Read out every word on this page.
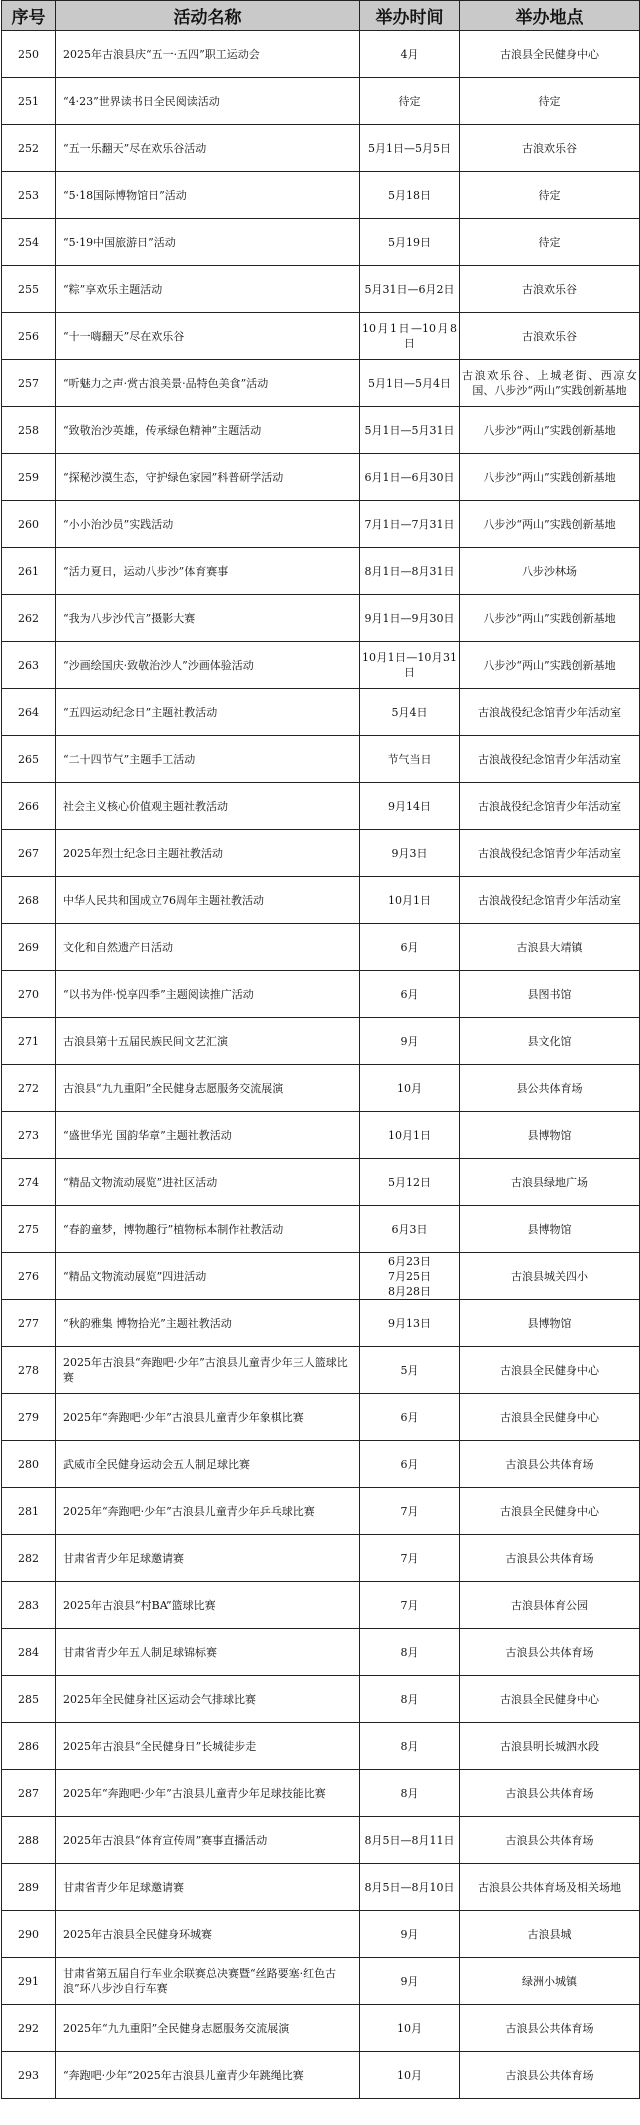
序号	活动名称	举办时间	举办地点
250	2025年古浪县庆“五一·五四”职工运动会	4月	古浪县全民健身中心

251	“4·23”世界读书日全民阅读活动	待定	待定

252	“五一乐翻天”尽在欢乐谷活动	5月1日—5月5日	古浪欢乐谷

253	“5·18国际博物馆日”活动	5月18日	待定

254	“5·19中国旅游日”活动	5月19日	待定

255	“粽”享欢乐主题活动	5月31日—6月2日	古浪欢乐谷

256	“十一嗨翻天”尽在欢乐谷	10月1日—10月8日	古浪欢乐谷

257	“听魅力之声·赏古浪美景·品特色美食”活动	5月1日—5月4日	古浪欢乐谷、上城老街、西凉女国、八步沙“两山”实践创新基地

258	“致敬治沙英雄，传承绿色精神”主题活动	5月1日—5月31日	八步沙“两山”实践创新基地

259	“探秘沙漠生态，守护绿色家园”科普研学活动	6月1日—6月30日	八步沙“两山”实践创新基地

260	“小小治沙员”实践活动	7月1日—7月31日	八步沙“两山”实践创新基地

261	“活力夏日，运动八步沙”体育赛事	8月1日—8月31日	八步沙林场

262	“我为八步沙代言”摄影大赛	9月1日—9月30日	八步沙“两山”实践创新基地

263	“沙画绘国庆·致敬治沙人”沙画体验活动	10月1日—10月31日	八步沙“两山”实践创新基地

264	“五四运动纪念日”主题社教活动	5月4日	古浪战役纪念馆青少年活动室

265	“二十四节气”主题手工活动	节气当日	古浪战役纪念馆青少年活动室

266	社会主义核心价值观主题社教活动	9月14日	古浪战役纪念馆青少年活动室

267	2025年烈士纪念日主题社教活动	9月3日	古浪战役纪念馆青少年活动室

268	中华人民共和国成立76周年主题社教活动	10月1日	古浪战役纪念馆青少年活动室

269	文化和自然遗产日活动	6月	古浪县大靖镇

270	“以书为伴·悦享四季”主题阅读推广活动	6月	县图书馆

271	古浪县第十五届民族民间文艺汇演	9月	县文化馆

272	古浪县“九九重阳”全民健身志愿服务交流展演	10月	县公共体育场

273	“盛世华光 国韵华章”主题社教活动	10月1日	县博物馆

274	“精品文物流动展览”进社区活动	5月12日	古浪县绿地广场

275	“春韵童梦，博物趣行”植物标本制作社教活动	6月3日	县博物馆

276	“精品文物流动展览”四进活动	6月23日
7月25日
8月28日	古浪县城关四小

277	“秋韵雅集 博物拾光”主题社教活动	9月13日	县博物馆

278	2025年古浪县“奔跑吧·少年”古浪县儿童青少年三人篮球比赛	5月	古浪县全民健身中心

279	2025年“奔跑吧·少年”古浪县儿童青少年象棋比赛	6月	古浪县全民健身中心

280	武威市全民健身运动会五人制足球比赛	6月	古浪县公共体育场

281	2025年“奔跑吧·少年”古浪县儿童青少年乒乓球比赛	7月	古浪县全民健身中心

282	甘肃省青少年足球邀请赛	7月	古浪县公共体育场

283	2025年古浪县“村BA”篮球比赛	7月	古浪县体育公园

284	甘肃省青少年五人制足球锦标赛	8月	古浪县公共体育场

285	2025年全民健身社区运动会气排球比赛	8月	古浪县全民健身中心

286	2025年古浪县“全民健身日”长城徒步走	8月	古浪县明长城泗水段

287	2025年“奔跑吧·少年”古浪县儿童青少年足球技能比赛	8月	古浪县公共体育场

288	2025年古浪县“体育宣传周”赛事直播活动	8月5日—8月11日	古浪县公共体育场

289	甘肃省青少年足球邀请赛	8月5日—8月10日	古浪县公共体育场及相关场地

290	2025年古浪县全民健身环城赛	9月	古浪县城

291	甘肃省第五届自行车业余联赛总决赛暨“丝路要塞·红色古浪”环八步沙自行车赛	9月	绿洲小城镇

292	2025年“九九重阳”全民健身志愿服务交流展演	10月	古浪县公共体育场

293	“奔跑吧·少年”2025年古浪县儿童青少年跳绳比赛	10月	古浪县公共体育场
